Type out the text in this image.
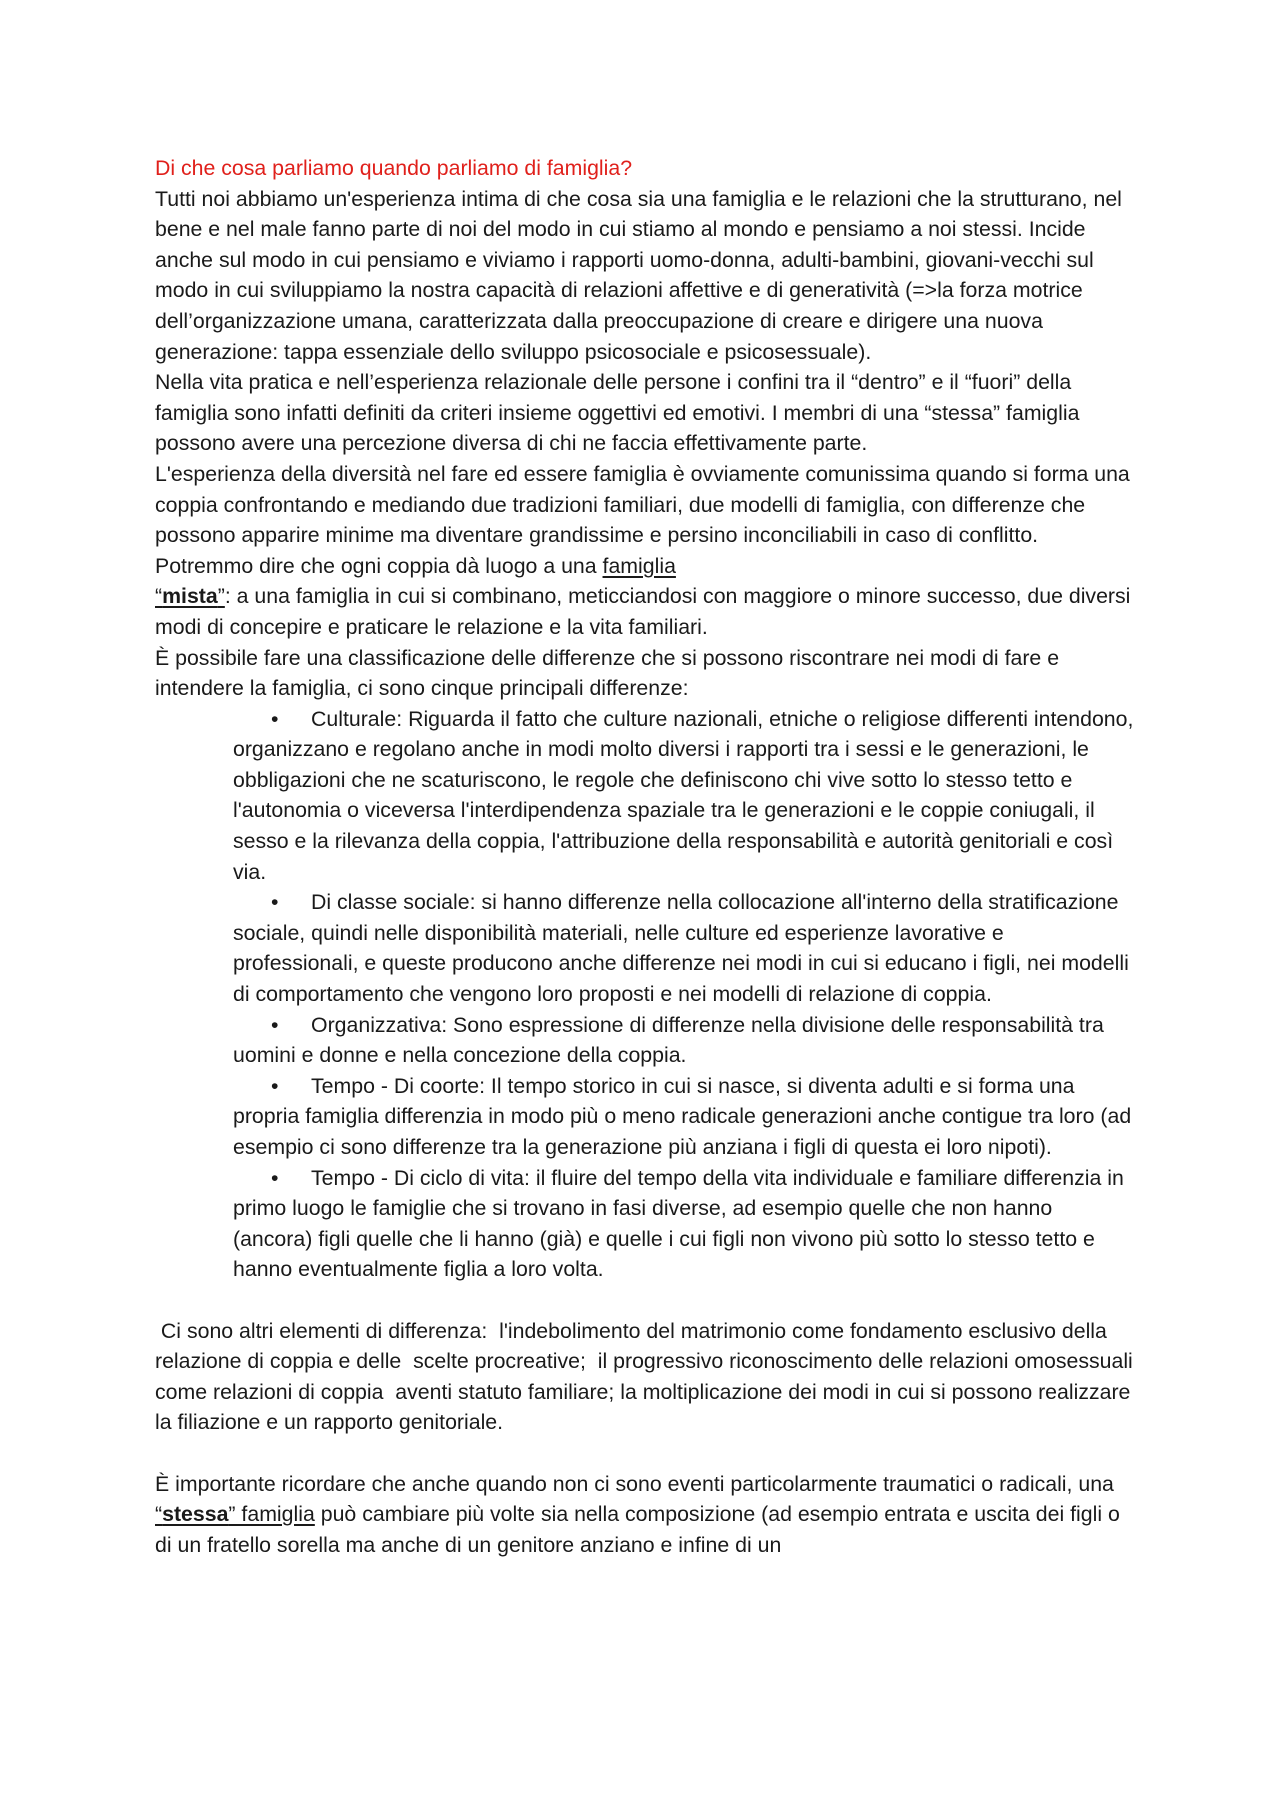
Di che cosa parliamo quando parliamo di famiglia?

Tutti noi abbiamo un'esperienza intima di che cosa sia una famiglia e le relazioni che la strutturano, nel bene e nel male fanno parte di noi del modo in cui stiamo al mondo e pensiamo a noi stessi. Incide anche sul modo in cui pensiamo e viviamo i rapporti uomo-donna, adulti-bambini, giovani-vecchi sul modo in cui sviluppiamo la nostra capacità di relazioni affettive e di generatività (=>la forza motrice dell’organizzazione umana, caratterizzata dalla preoccupazione di creare e dirigere una nuova generazione: tappa essenziale dello sviluppo psicosociale e psicosessuale).

Nella vita pratica e nell’esperienza relazionale delle persone i confini tra il “dentro” e il “fuori” della famiglia sono infatti definiti da criteri insieme oggettivi ed emotivi. I membri di una “stessa” famiglia possono avere una percezione diversa di chi ne faccia effettivamente parte.

L'esperienza della diversità nel fare ed essere famiglia è ovviamente comunissima quando si forma una coppia confrontando e mediando due tradizioni familiari, due modelli di famiglia, con differenze che possono apparire minime ma diventare grandissime e persino inconciliabili in caso di conflitto. Potremmo dire che ogni coppia dà luogo a una famiglia
“mista”: a una famiglia in cui si combinano, meticciandosi con maggiore o minore successo, due diversi modi di concepire e praticare le relazione e la vita familiari.

È possibile fare una classificazione delle differenze che si possono riscontrare nei modi di fare e intendere la famiglia, ci sono cinque principali differenze:

• Culturale: Riguarda il fatto che culture nazionali, etniche o religiose differenti intendono, organizzano e regolano anche in modi molto diversi i rapporti tra i sessi e le generazioni, le obbligazioni che ne scaturiscono, le regole che definiscono chi vive sotto lo stesso tetto e l'autonomia o viceversa l'interdipendenza spaziale tra le generazioni e le coppie coniugali, il sesso e la rilevanza della coppia, l'attribuzione della responsabilità e autorità genitoriali e così via.
• Di classe sociale: si hanno differenze nella collocazione all'interno della stratificazione sociale, quindi nelle disponibilità materiali, nelle culture ed esperienze lavorative e professionali, e queste producono anche differenze nei modi in cui si educano i figli, nei modelli di comportamento che vengono loro proposti e nei modelli di relazione di coppia.
• Organizzativa: Sono espressione di differenze nella divisione delle responsabilità tra uomini e donne e nella concezione della coppia.
• Tempo - Di coorte: Il tempo storico in cui si nasce, si diventa adulti e si forma una propria famiglia differenzia in modo più o meno radicale generazioni anche contigue tra loro (ad esempio ci sono differenze tra la generazione più anziana i figli di questa ei loro nipoti).
• Tempo - Di ciclo di vita: il fluire del tempo della vita individuale e familiare differenzia in primo luogo le famiglie che si trovano in fasi diverse, ad esempio quelle che non hanno (ancora) figli quelle che li hanno (già) e quelle i cui figli non vivono più sotto lo stesso tetto e hanno eventualmente figlia a loro volta.

Ci sono altri elementi di differenza:  l'indebolimento del matrimonio come fondamento esclusivo della relazione di coppia e delle  scelte procreative;  il progressivo riconoscimento delle relazioni omosessuali come relazioni di coppia  aventi statuto familiare; la moltiplicazione dei modi in cui si possono realizzare la filiazione e un rapporto genitoriale.

È importante ricordare che anche quando non ci sono eventi particolarmente traumatici o radicali, una “stessa” famiglia può cambiare più volte sia nella composizione (ad esempio entrata e uscita dei figli o di un fratello sorella ma anche di un genitore anziano e infine di un
